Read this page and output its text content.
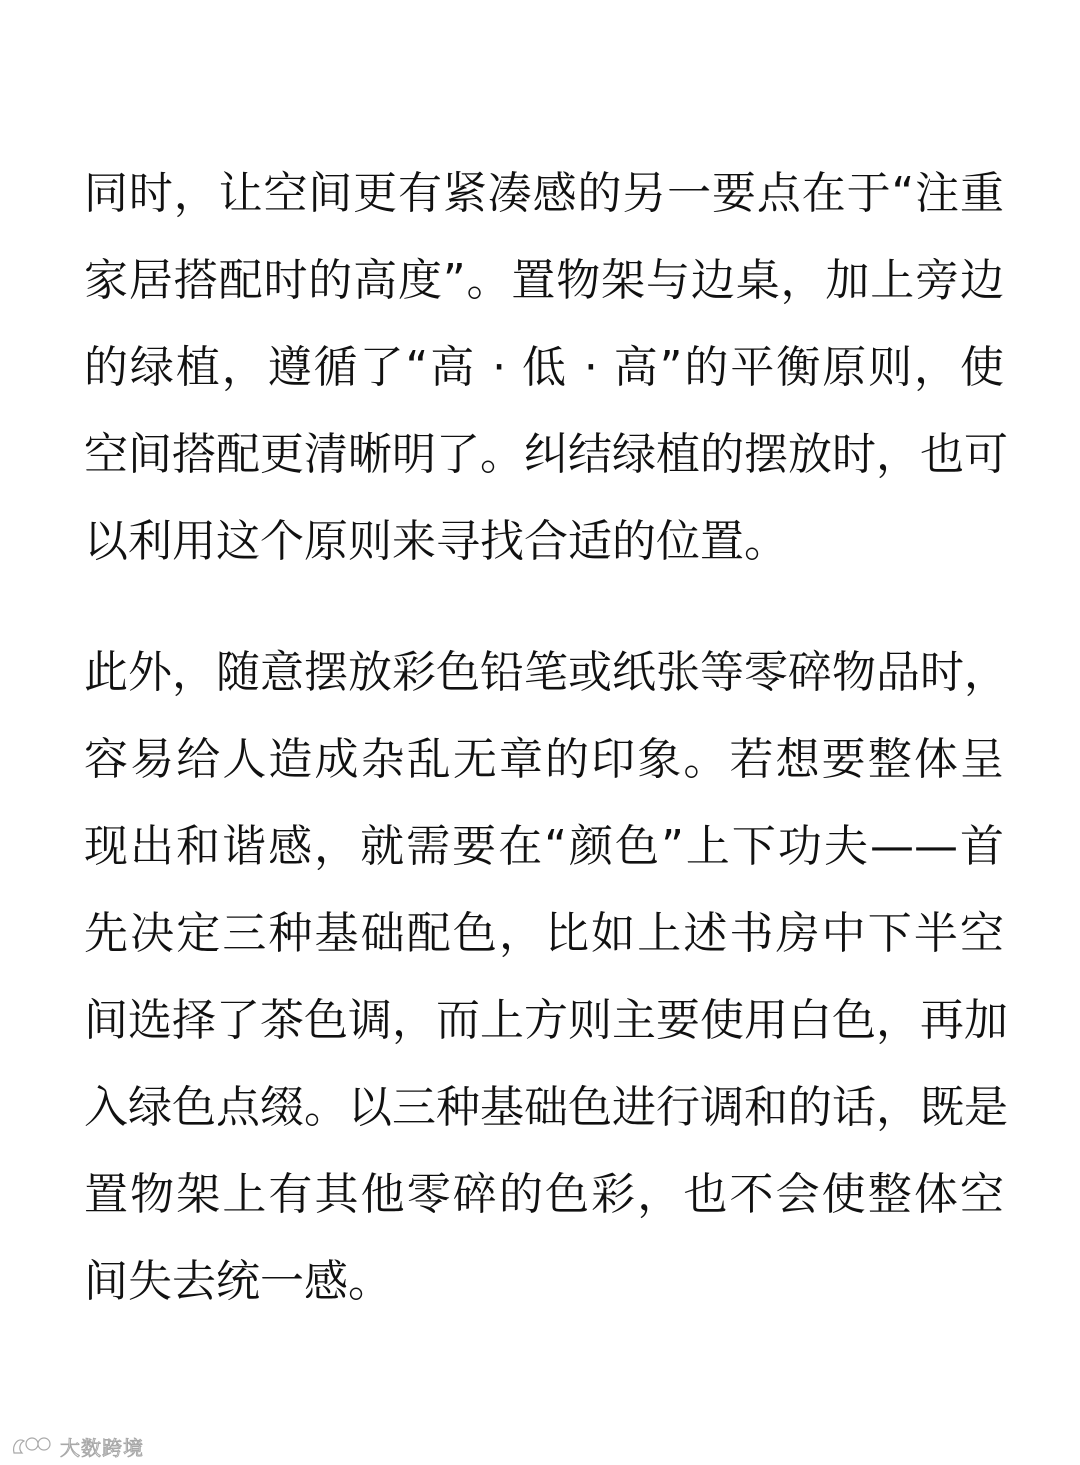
同时，让空间更有紧凑感的另一要点在于“注重
家居搭配时的高度”。置物架与边桌，加上旁边
的绿植，遵循了“高 · 低 · 高”的平衡原则，使
空间搭配更清晰明了。纠结绿植的摆放时，也可
以利用这个原则来寻找合适的位置。

此外，随意摆放彩色铅笔或纸张等零碎物品时，
容易给人造成杂乱无章的印象。若想要整体呈
现出和谐感，就需要在“颜色”上下功夫——首
先决定三种基础配色，比如上述书房中下半空
间选择了茶色调，而上方则主要使用白色，再加
入绿色点缀。以三种基础色进行调和的话，既是
置物架上有其他零碎的色彩，也不会使整体空
间失去统一感。

大数跨境
